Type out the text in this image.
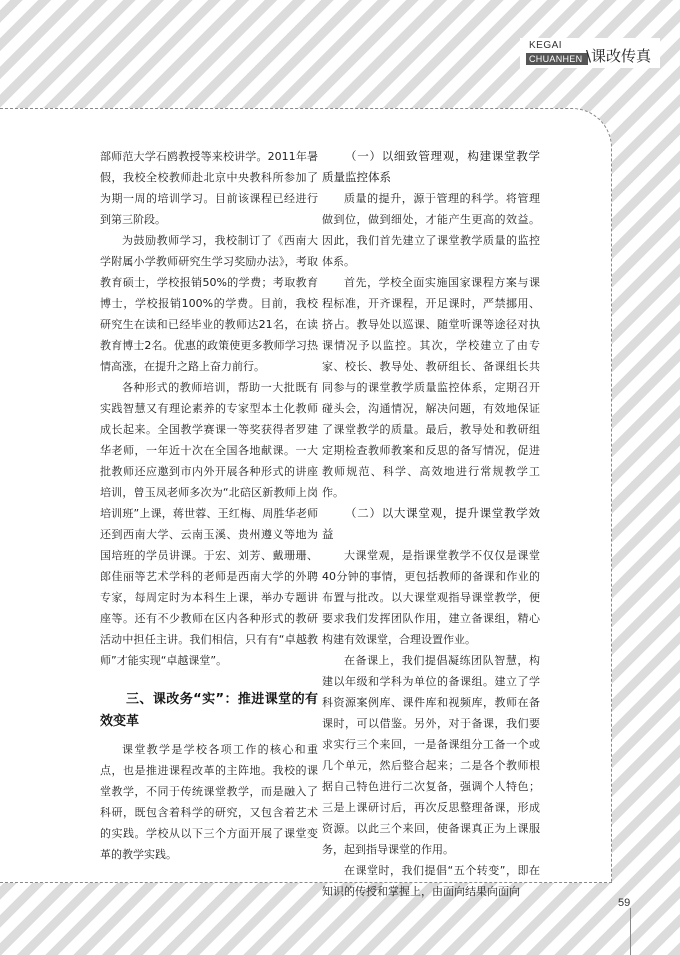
KEGAI
CHUANHEN \课改传真

部师范大学石鸥教授等来校讲学。2011年暑假，我校全校教师赴北京中央教科所参加了为期一周的培训学习。目前该课程已经进行到第三阶段。

为鼓励教师学习，我校制订了《西南大学附属小学教师研究生学习奖励办法》，考取教育硕士，学校报销50%的学费；考取教育博士，学校报销100%的学费。目前，我校研究生在读和已经毕业的教师达21名，在读教育博士2名。优惠的政策使更多教师学习热情高涨，在提升之路上奋力前行。

各种形式的教师培训，帮助一大批既有实践智慧又有理论素养的专家型本土化教师成长起来。全国教学赛课一等奖获得者罗建华老师，一年近十次在全国各地献课。一大批教师还应邀到市内外开展各种形式的讲座培训，曾玉凤老师多次为“北碚区新教师上岗培训班”上课，蒋世蓉、王红梅、周胜华老师还到西南大学、云南玉溪、贵州遵义等地为国培班的学员讲课。于宏、刘芳、戴珊珊、郎佳丽等艺术学科的老师是西南大学的外聘专家，每周定时为本科生上课，举办专题讲座等。还有不少教师在区内各种形式的教研活动中担任主讲。我们相信，只有有“卓越教师”才能实现“卓越课堂”。

三、课改务“实”：推进课堂的有效变革

课堂教学是学校各项工作的核心和重点，也是推进课程改革的主阵地。我校的课堂教学，不同于传统课堂教学，而是融入了科研，既包含着科学的研究，又包含着艺术的实践。学校从以下三个方面开展了课堂变革的教学实践。

（一）以细致管理观，构建课堂教学质量监控体系

质量的提升，源于管理的科学。将管理做到位，做到细处，才能产生更高的效益。因此，我们首先建立了课堂教学质量的监控体系。

首先，学校全面实施国家课程方案与课程标准，开齐课程，开足课时，严禁挪用、挤占。教导处以巡课、随堂听课等途径对执课情况予以监控。其次，学校建立了由专家、校长、教导处、教研组长、备课组长共同参与的课堂教学质量监控体系，定期召开碰头会，沟通情况，解决问题，有效地保证了课堂教学的质量。最后，教导处和教研组定期检查教师教案和反思的备写情况，促进教师规范、科学、高效地进行常规教学工作。

（二）以大课堂观，提升课堂教学效益

大课堂观，是指课堂教学不仅仅是课堂40分钟的事情，更包括教师的备课和作业的布置与批改。以大课堂观指导课堂教学，便要求我们发挥团队作用，建立备课组，精心构建有效课堂，合理设置作业。

在备课上，我们提倡凝练团队智慧，构建以年级和学科为单位的备课组。建立了学科资源案例库、课件库和视频库，教师在备课时，可以借鉴。另外，对于备课，我们要求实行三个来回，一是备课组分工备一个或几个单元，然后整合起来；二是各个教师根据自己特色进行二次复备，强调个人特色；三是上课研讨后，再次反思整理备课，形成资源。以此三个来回，使备课真正为上课服务，起到指导课堂的作用。

在课堂时，我们提倡“五个转变”，即在知识的传授和掌握上，由面向结果向面向

59
